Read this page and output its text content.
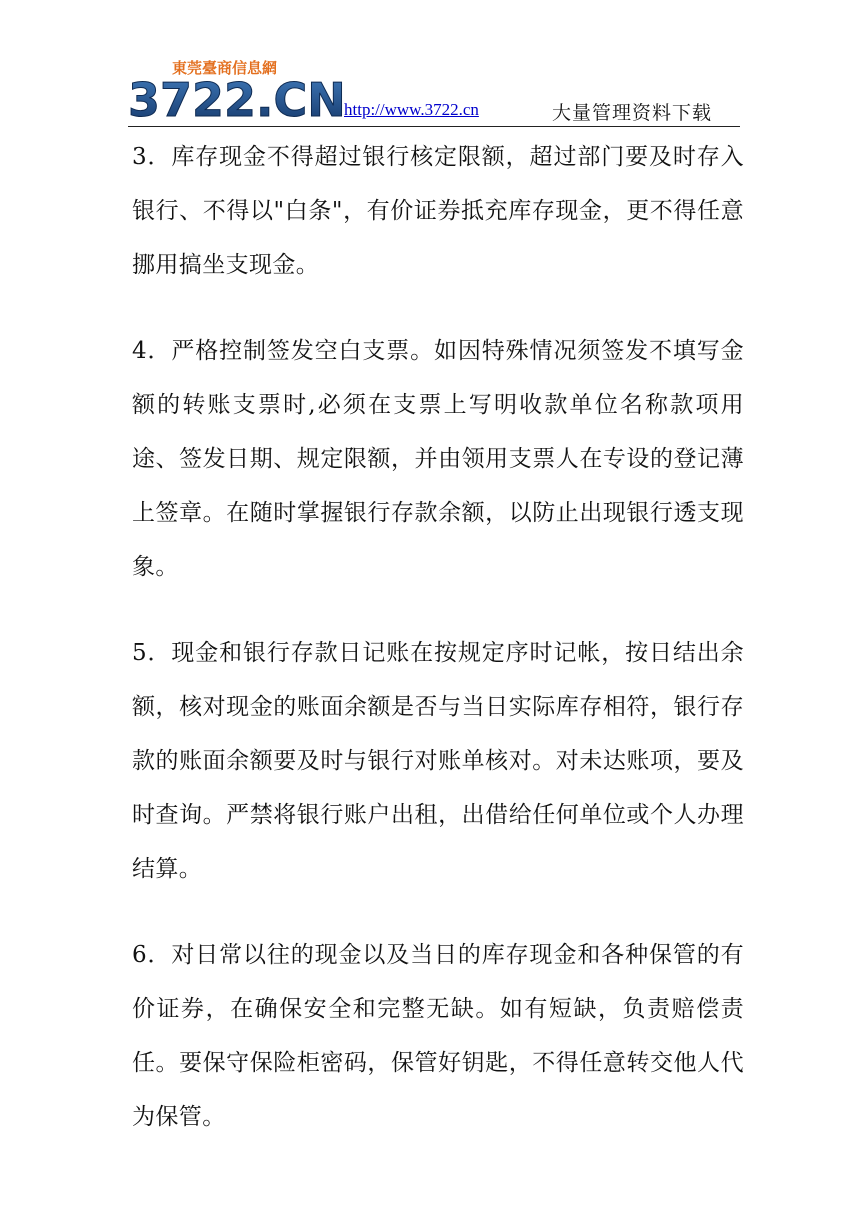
東莞臺商信息網
3722.CN
http://www.3722.cn	大量管理资料下载

3．库存现金不得超过银行核定限额，超过部门要及时存入银行、不得以"白条"，有价证券抵充库存现金，更不得任意挪用搞坐支现金。

4．严格控制签发空白支票。如因特殊情况须签发不填写金额的转账支票时,必须在支票上写明收款单位名称款项用途、签发日期、规定限额，并由领用支票人在专设的登记薄上签章。在随时掌握银行存款余额，以防止出现银行透支现象。

5．现金和银行存款日记账在按规定序时记帐，按日结出余额，核对现金的账面余额是否与当日实际库存相符，银行存款的账面余额要及时与银行对账单核对。对未达账项，要及时查询。严禁将银行账户出租，出借给任何单位或个人办理结算。

6．对日常以往的现金以及当日的库存现金和各种保管的有价证券，在确保安全和完整无缺。如有短缺，负责赔偿责任。要保守保险柜密码，保管好钥匙，不得任意转交他人代为保管。
